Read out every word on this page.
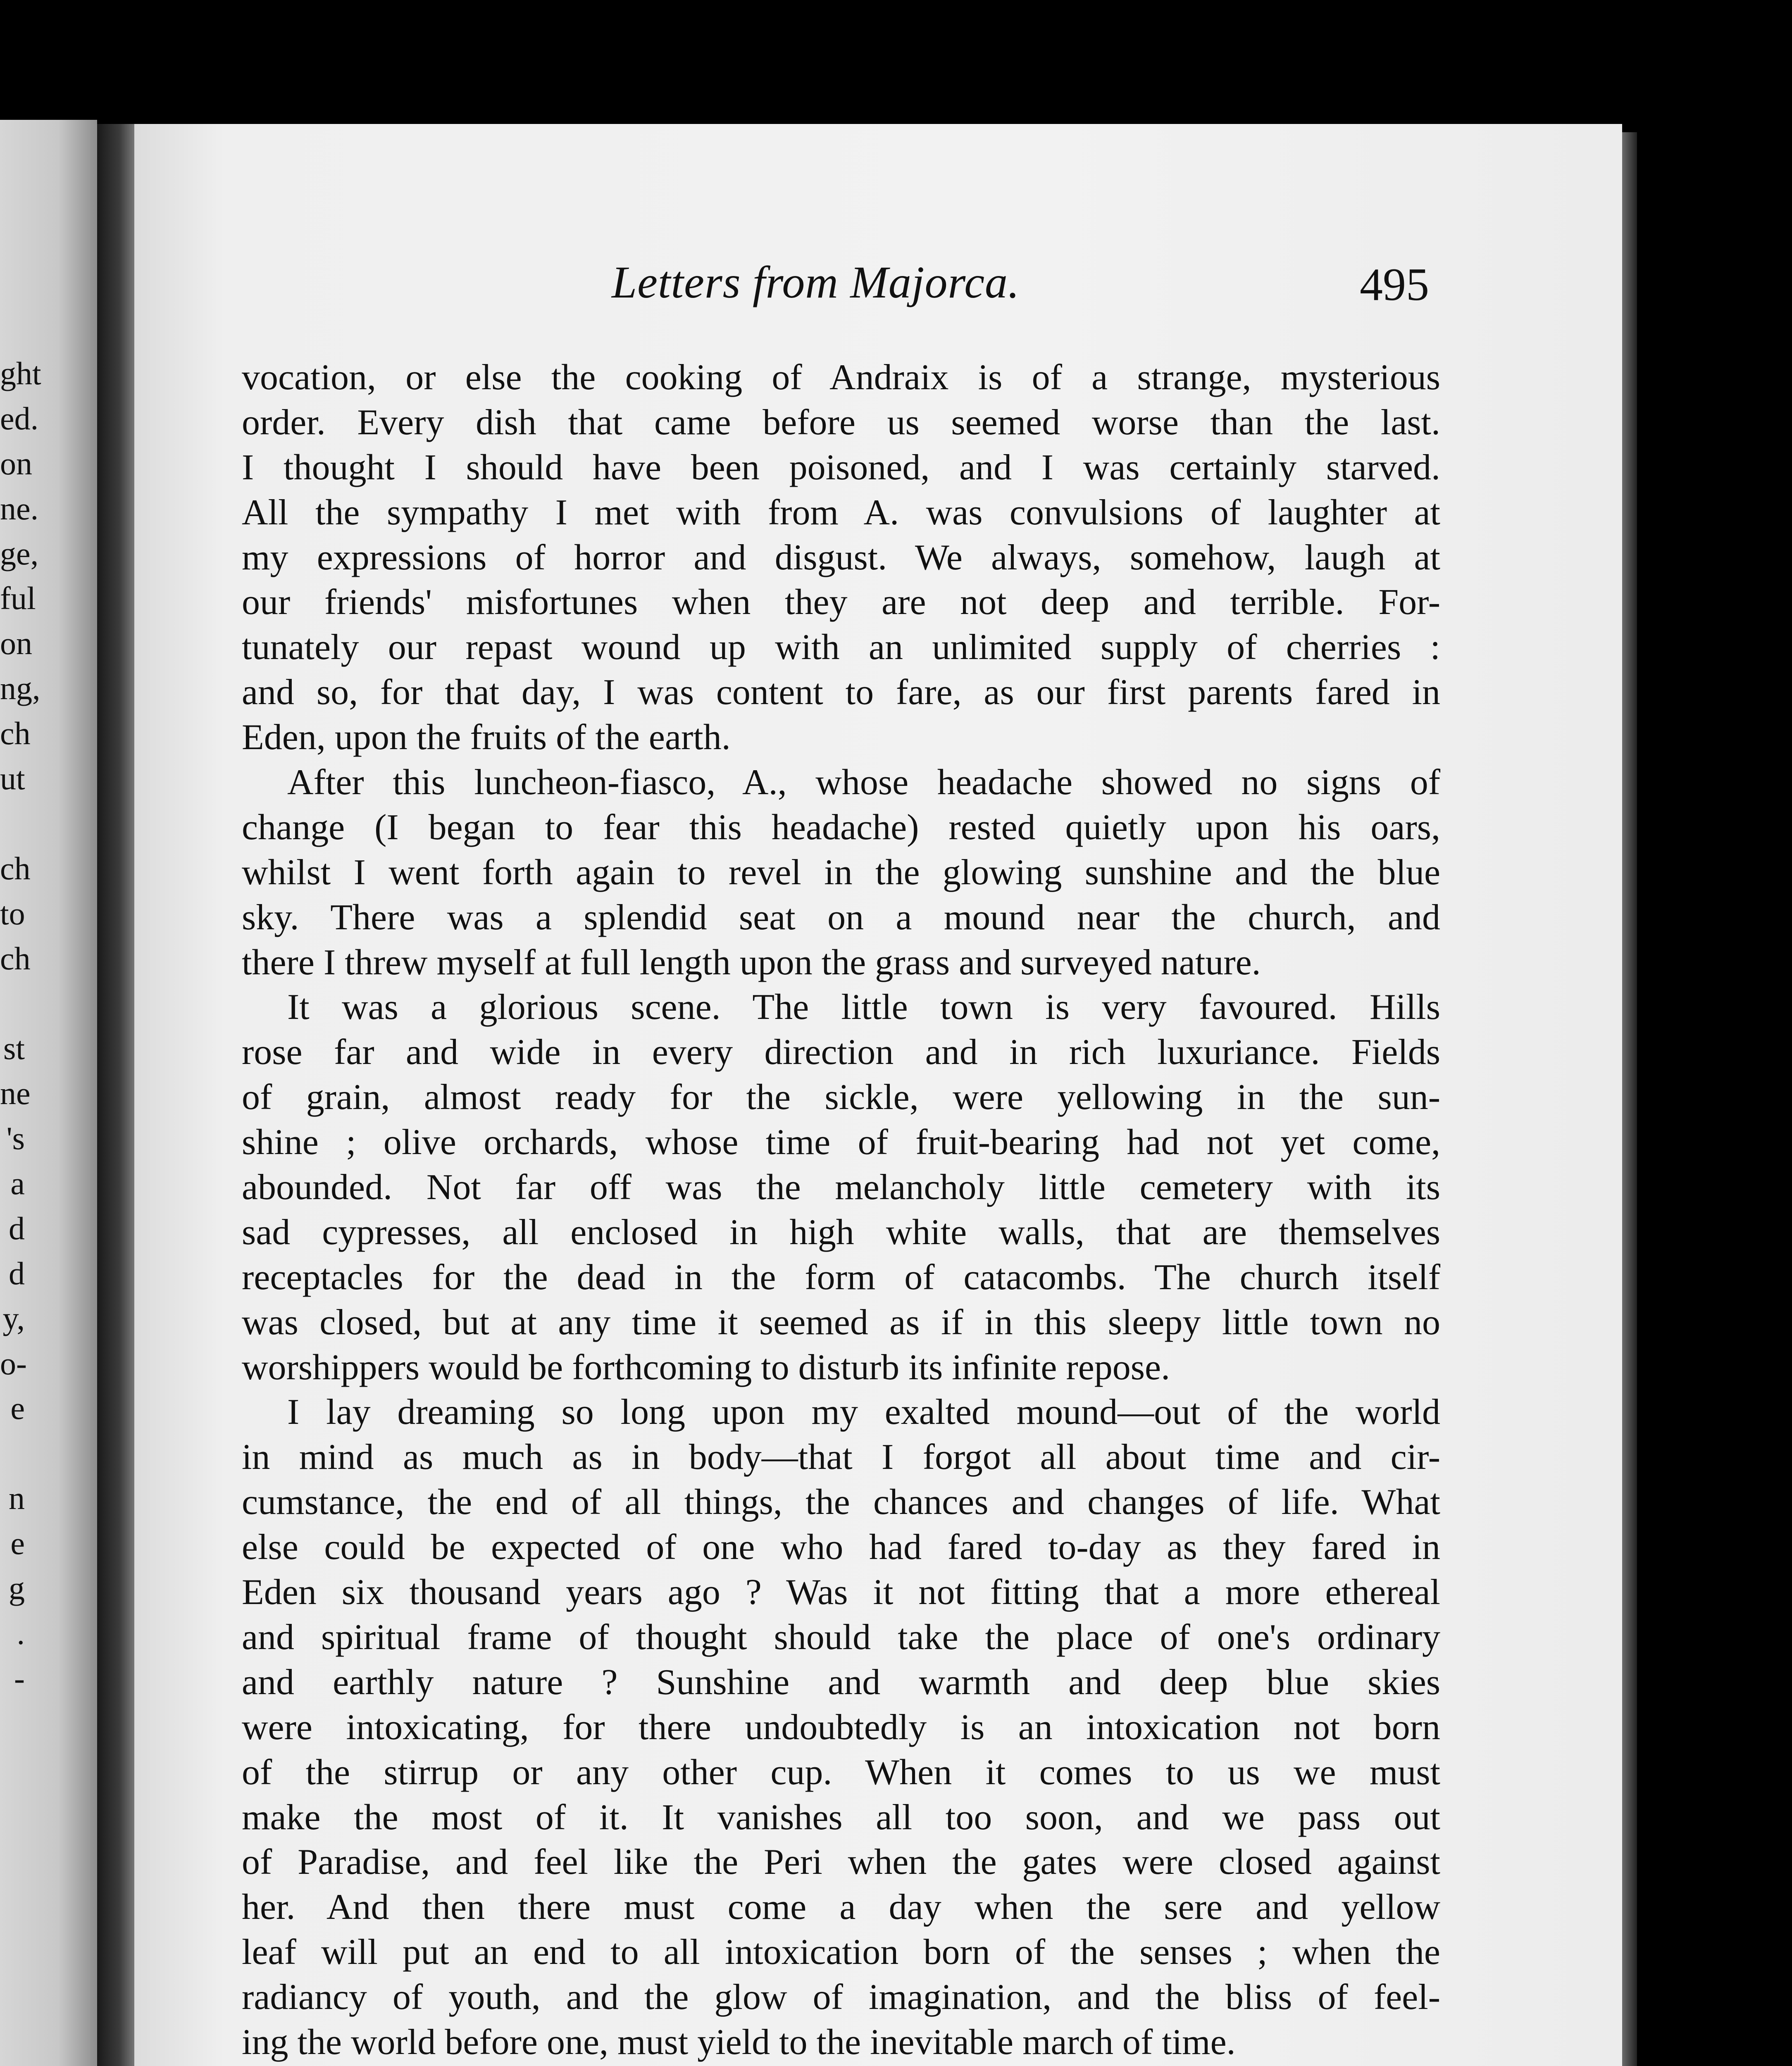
ght
ed.
on
ne.
ge,
ful
on
ng,
ch
ut
ch
to
ch
st
ne
's
a
d
d
y,
o-
e
n
e
g
.
-
Letters from Majorca.	495
vocation, or else the cooking of Andraix is of a strange, mysterious
order. Every dish that came before us seemed worse than the last.
I thought I should have been poisoned, and I was certainly starved.
All the sympathy I met with from A. was convulsions of laughter at
my expressions of horror and disgust. We always, somehow, laugh at
our friends' misfortunes when they are not deep and terrible. For-
tunately our repast wound up with an unlimited supply of cherries :
and so, for that day, I was content to fare, as our first parents fared in
Eden, upon the fruits of the earth.
After this luncheon-fiasco, A., whose headache showed no signs of
change (I began to fear this headache) rested quietly upon his oars,
whilst I went forth again to revel in the glowing sunshine and the blue
sky. There was a splendid seat on a mound near the church, and
there I threw myself at full length upon the grass and surveyed nature.
It was a glorious scene. The little town is very favoured. Hills
rose far and wide in every direction and in rich luxuriance. Fields
of grain, almost ready for the sickle, were yellowing in the sun-
shine ; olive orchards, whose time of fruit-bearing had not yet come,
abounded. Not far off was the melancholy little cemetery with its
sad cypresses, all enclosed in high white walls, that are themselves
receptacles for the dead in the form of catacombs. The church itself
was closed, but at any time it seemed as if in this sleepy little town no
worshippers would be forthcoming to disturb its infinite repose.
I lay dreaming so long upon my exalted mound—out of the world
in mind as much as in body—that I forgot all about time and cir-
cumstance, the end of all things, the chances and changes of life. What
else could be expected of one who had fared to-day as they fared in
Eden six thousand years ago ? Was it not fitting that a more ethereal
and spiritual frame of thought should take the place of one's ordinary
and earthly nature ? Sunshine and warmth and deep blue skies
were intoxicating, for there undoubtedly is an intoxication not born
of the stirrup or any other cup. When it comes to us we must
make the most of it. It vanishes all too soon, and we pass out
of Paradise, and feel like the Peri when the gates were closed against
her. And then there must come a day when the sere and yellow
leaf will put an end to all intoxication born of the senses ; when the
radiancy of youth, and the glow of imagination, and the bliss of feel-
ing the world before one, must yield to the inevitable march of time.
